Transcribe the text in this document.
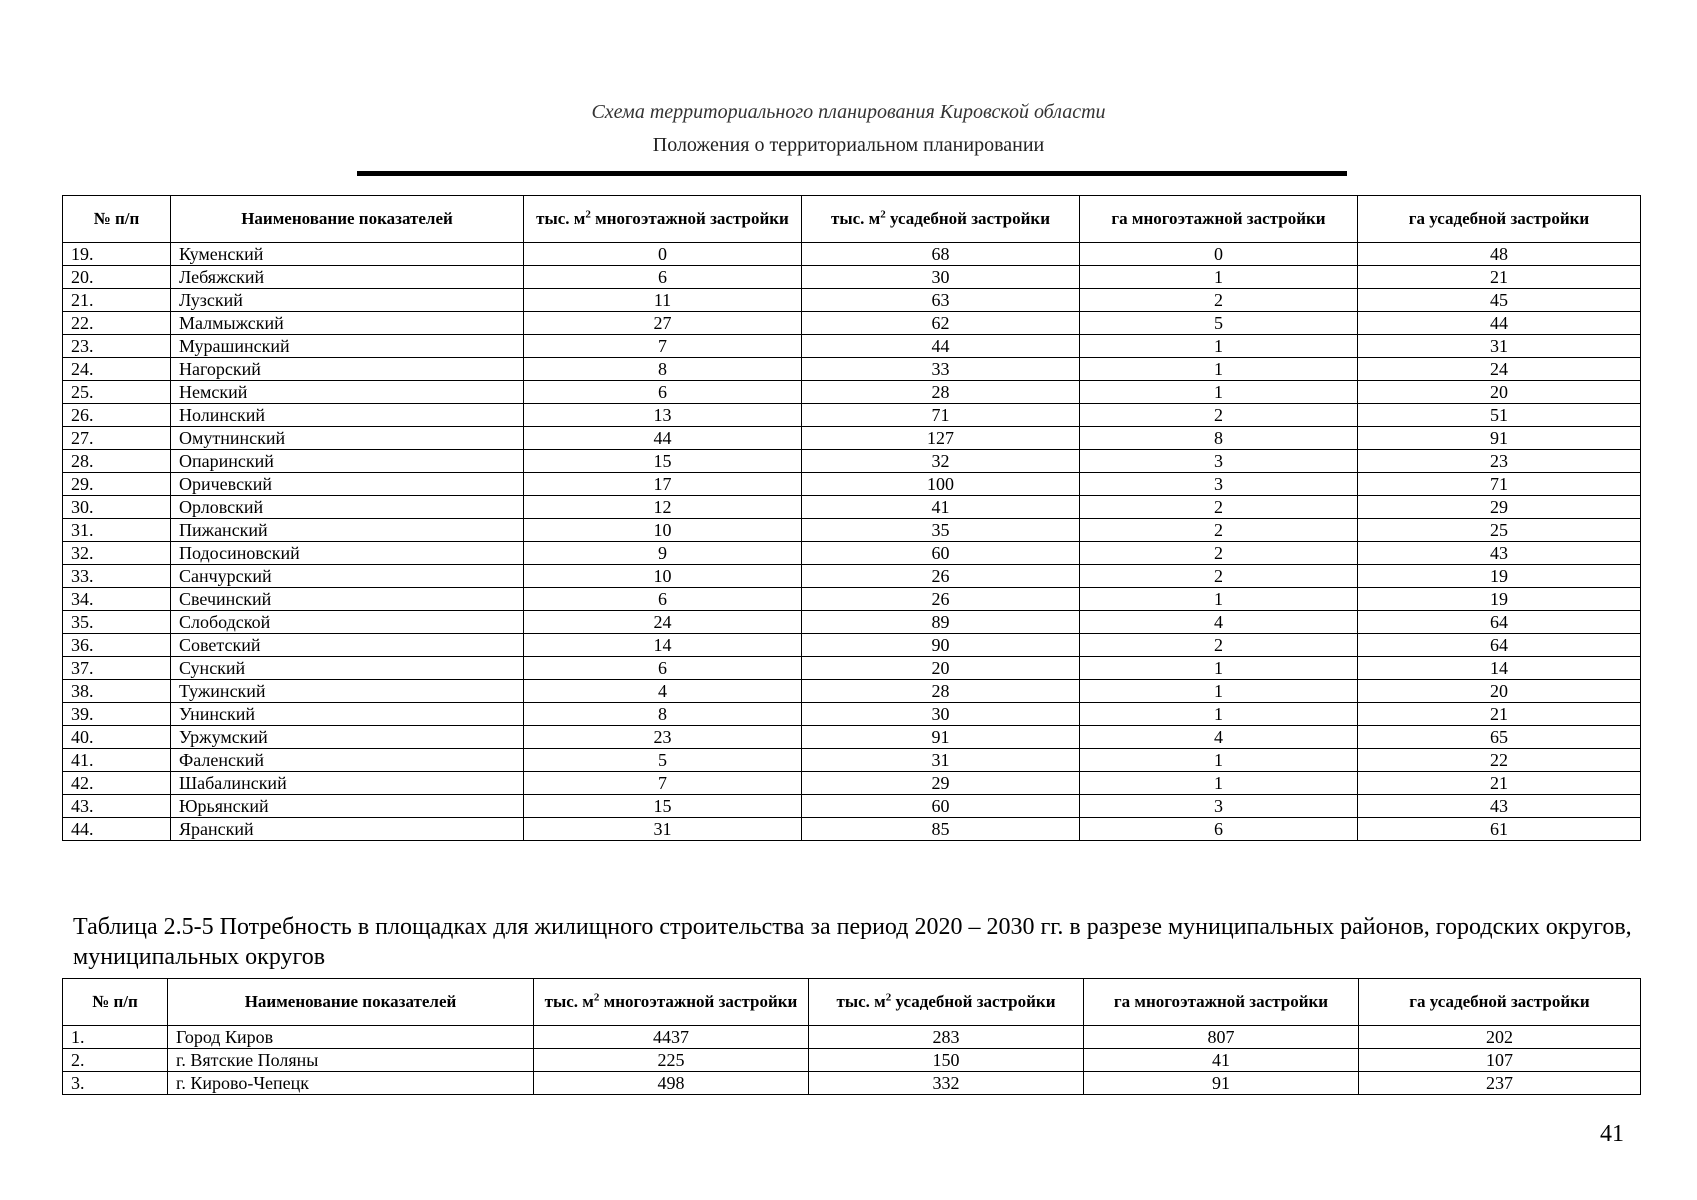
Схема территориального планирования Кировской области
Положения о территориальном планировании
№ п/п	Наименование показателей	тыс. $м^2$ многоэтажной застройки	тыс. $м^2$ усадебной застройки	га многоэтажной застройки	га усадебной застройки
19.	Куменский	0	68	0	48
20.	Лебяжский	6	30	1	21
21.	Лузский	11	63	2	45
22.	Малмыжский	27	62	5	44
23.	Мурашинский	7	44	1	31
24.	Нагорский	8	33	1	24
25.	Немский	6	28	1	20
26.	Нолинский	13	71	2	51
27.	Омутнинский	44	127	8	91
28.	Опаринский	15	32	3	23
29.	Оричевский	17	100	3	71
30.	Орловский	12	41	2	29
31.	Пижанский	10	35	2	25
32.	Подосиновский	9	60	2	43
33.	Санчурский	10	26	2	19
34.	Свечинский	6	26	1	19
35.	Слободской	24	89	4	64
36.	Советский	14	90	2	64
37.	Сунский	6	20	1	14
38.	Тужинский	4	28	1	20
39.	Унинский	8	30	1	21
40.	Уржумский	23	91	4	65
41.	Фаленский	5	31	1	22
42.	Шабалинский	7	29	1	21
43.	Юрьянский	15	60	3	43
44.	Яранский	31	85	6	61
Таблица 2.5-5 Потребность в площадках для жилищного строительства за период 2020 – 2030 гг. в разрезе муниципальных районов, городских округов, муниципальных округов
№ п/п	Наименование показателей	тыс. $м^2$ многоэтажной застройки	тыс. $м^2$ усадебной застройки	га многоэтажной застройки	га усадебной застройки
1.	Город Киров	4437	283	807	202
2.	г. Вятские Поляны	225	150	41	107
3.	г. Кирово-Чепецк	498	332	91	237
41
